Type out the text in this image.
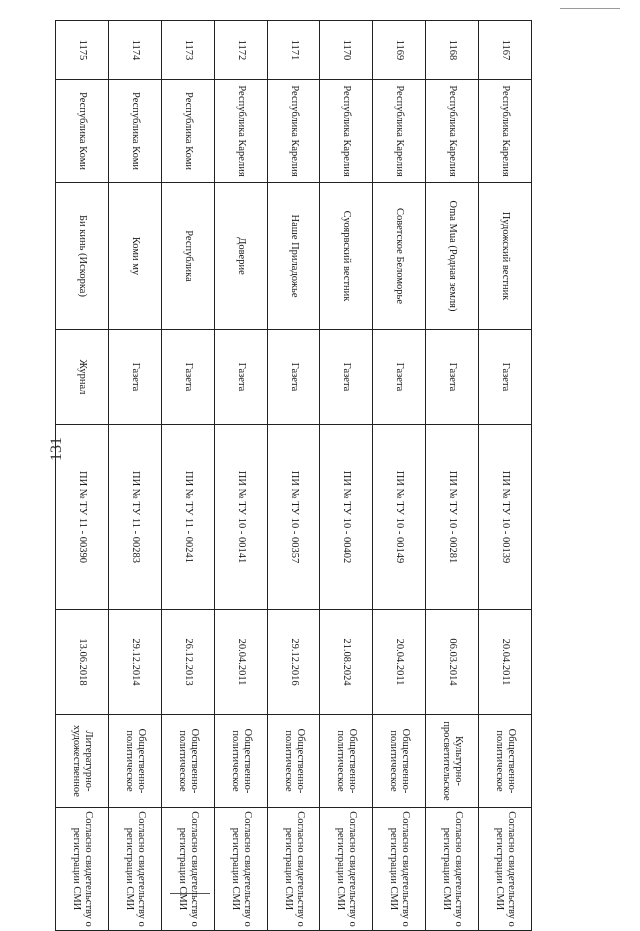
131
1167	Республика Карелия	Пудожский вестник	Газета	ПИ № ТУ 10 - 00139	20.04.2011	Общественно-политическое	Согласно свидетельству о регистрации СМИ
1168	Республика Карелия	Oma Mua (Родная земля)	Газета	ПИ № ТУ 10 - 00281	06.03.2014	Культурно-просветительское	Согласно свидетельству о регистрации СМИ
1169	Республика Карелия	Советское Беломорье	Газета	ПИ № ТУ 10 - 00149	20.04.2011	Общественно-политическое	Согласно свидетельству о регистрации СМИ
1170	Республика Карелия	Суоярвский вестник	Газета	ПИ № ТУ 10 - 00402	21.08.2024	Общественно-политическое	Согласно свидетельству о регистрации СМИ
1171	Республика Карелия	Наше Приладожье	Газета	ПИ № ТУ 10 - 00357	29.12.2016	Общественно-политическое	Согласно свидетельству о регистрации СМИ
1172	Республика Карелия	Доверие	Газета	ПИ № ТУ 10 - 00141	20.04.2011	Общественно-политическое	Согласно свидетельству о регистрации СМИ
1173	Республика Коми	Республика	Газета	ПИ № ТУ 11 - 00241	26.12.2013	Общественно-политическое	Согласно свидетельству о регистрации СМИ
1174	Республика Коми	Коми му	Газета	ПИ № ТУ 11 - 00283	29.12.2014	Общественно-политическое	Согласно свидетельству о регистрации СМИ
1175	Республика Коми	Би кинь (Искорка)	Журнал	ПИ № ТУ 11 - 00390	13.06.2018	Литературно-художественное	Согласно свидетельству о регистрации СМИ
